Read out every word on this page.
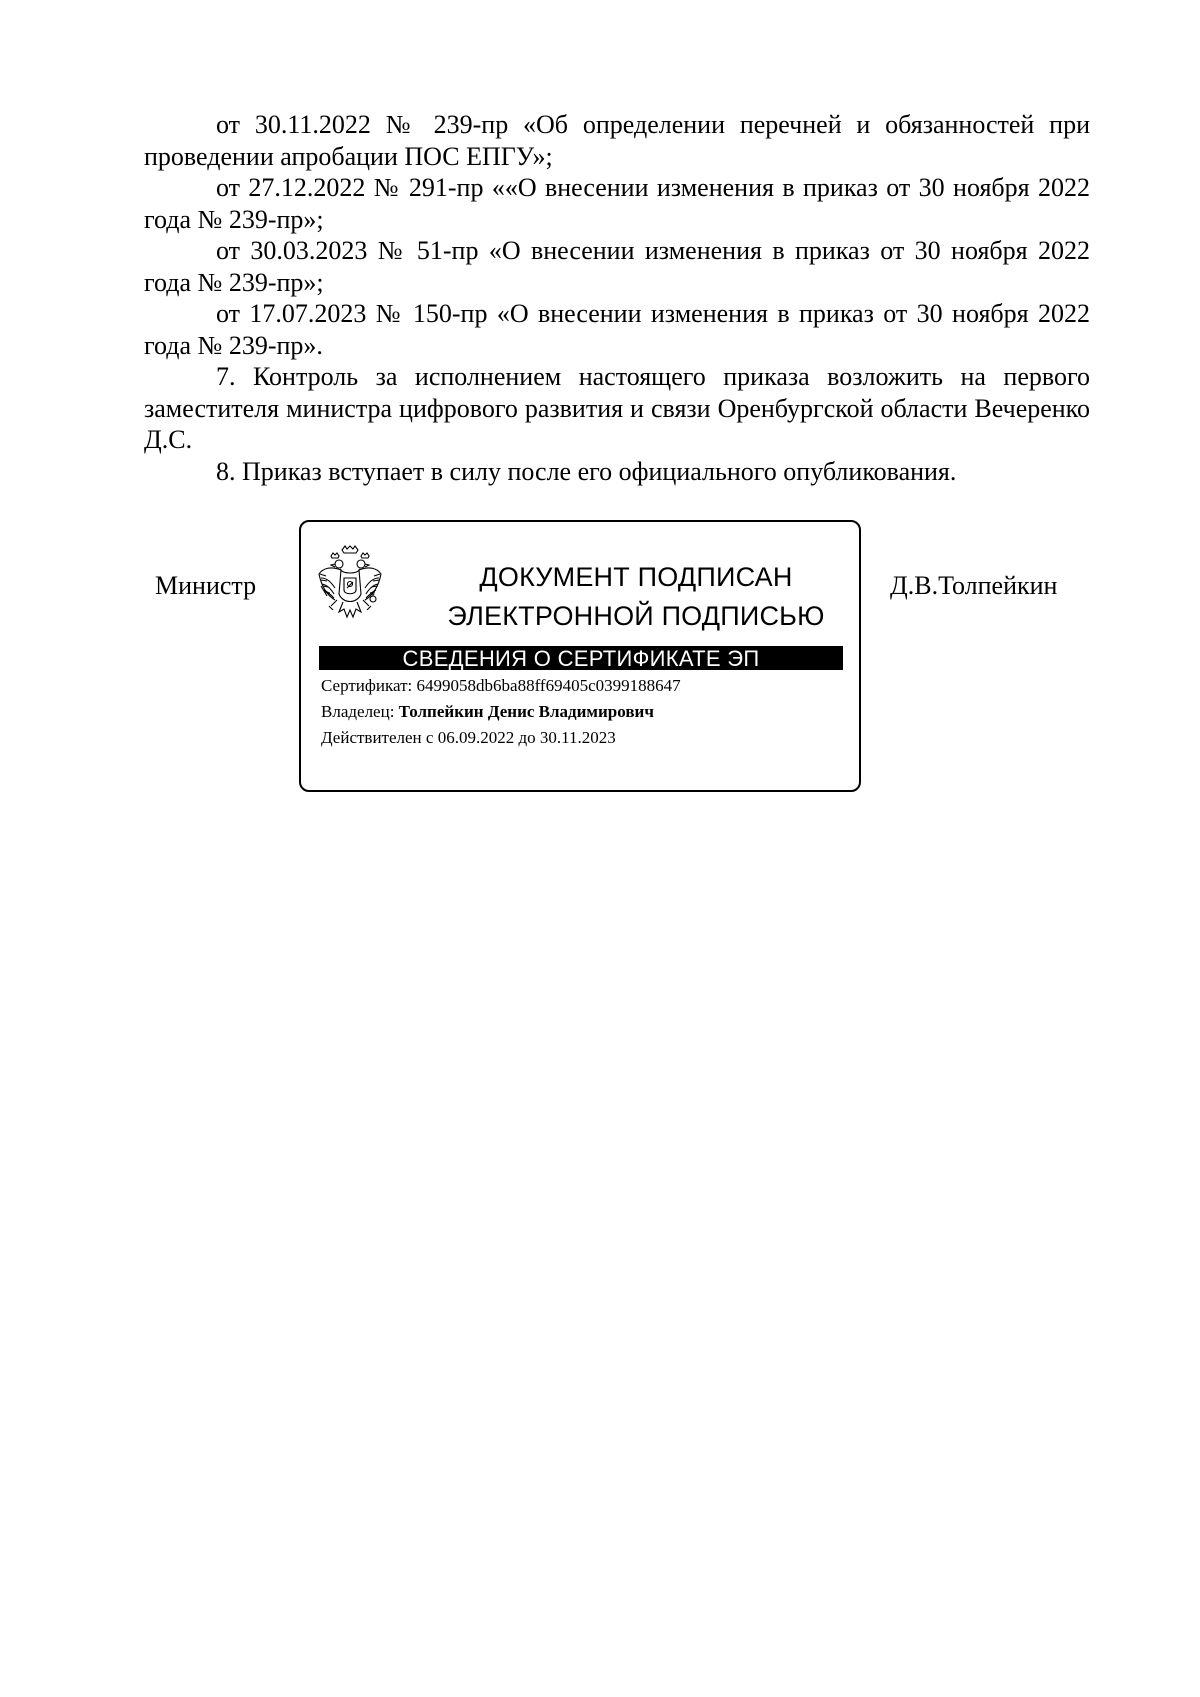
от 30.11.2022 № 239-пр «Об определении перечней и обязанностей при проведении апробации ПОС ЕПГУ»;

от 27.12.2022 № 291-пр ««О внесении изменения в приказ от 30 ноября 2022 года № 239-пр»;

от 30.03.2023 № 51-пр «О внесении изменения в приказ от 30 ноября 2022 года № 239-пр»;

от 17.07.2023 № 150-пр «О внесении изменения в приказ от 30 ноября 2022 года № 239-пр».

7. Контроль за исполнением настоящего приказа возложить на первого заместителя министра цифрового развития и связи Оренбургской области Вечеренко Д.С.

8. Приказ вступает в силу после его официального опубликования.

Министр	ДОКУМЕНТ ПОДПИСАН
ЭЛЕКТРОННОЙ ПОДПИСЬЮ
СВЕДЕНИЯ О СЕРТИФИКАТЕ ЭП
Сертификат: 6499058db6ba88ff69405c0399188647
Владелец: Толпейкин Денис Владимирович
Действителен с 06.09.2022 до 30.11.2023
Д.В.Толпейкин
